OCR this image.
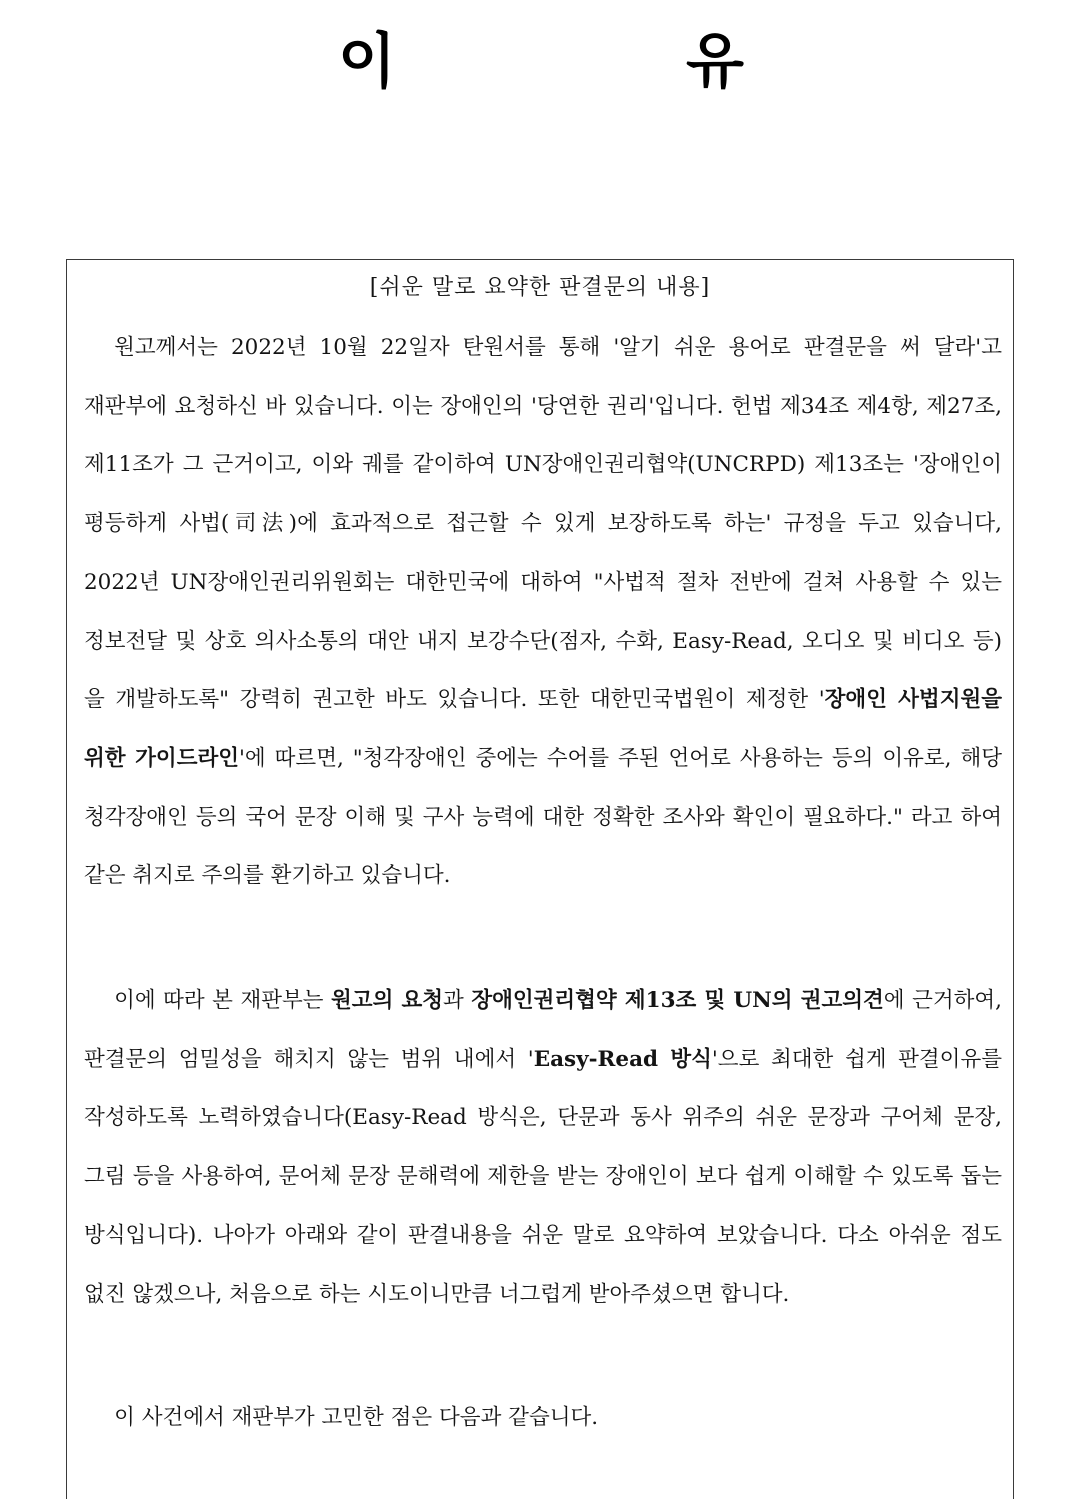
이	유
[쉬운 말로 요약한 판결문의 내용]

원고께서는 2022년 10월 22일자 탄원서를 통해 '알기 쉬운 용어로 판결문을 써 달라'고 재판부에 요청하신 바 있습니다. 이는 장애인의 '당연한 권리'입니다. 헌법 제34조 제4항, 제27조, 제11조가 그 근거이고, 이와 궤를 같이하여 UN장애인권리협약(UNCRPD) 제13조는 '장애인이 평등하게 사법(司法)에 효과적으로 접근할 수 있게 보장하도록 하는' 규정을 두고 있습니다, 2022년 UN장애인권리위원회는 대한민국에 대하여 "사법적 절차 전반에 걸쳐 사용할 수 있는 정보전달 및 상호 의사소통의 대안 내지 보강수단(점자, 수화, Easy-Read, 오디오 및 비디오 등)을 개발하도록" 강력히 권고한 바도 있습니다. 또한 대한민국법원이 제정한 '장애인 사법지원을 위한 가이드라인'에 따르면, "청각장애인 중에는 수어를 주된 언어로 사용하는 등의 이유로, 해당 청각장애인 등의 국어 문장 이해 및 구사 능력에 대한 정확한 조사와 확인이 필요하다." 라고 하여 같은 취지로 주의를 환기하고 있습니다.

이에 따라 본 재판부는 원고의 요청과 장애인권리협약 제13조 및 UN의 권고의견에 근거하여, 판결문의 엄밀성을 해치지 않는 범위 내에서 'Easy-Read 방식'으로 최대한 쉽게 판결이유를 작성하도록 노력하였습니다(Easy-Read 방식은, 단문과 동사 위주의 쉬운 문장과 구어체 문장, 그림 등을 사용하여, 문어체 문장 문해력에 제한을 받는 장애인이 보다 쉽게 이해할 수 있도록 돕는 방식입니다). 나아가 아래와 같이 판결내용을 쉬운 말로 요약하여 보았습니다. 다소 아쉬운 점도 없진 않겠으나, 처음으로 하는 시도이니만큼 너그럽게 받아주셨으면 합니다.

이 사건에서 재판부가 고민한 점은 다음과 같습니다.
